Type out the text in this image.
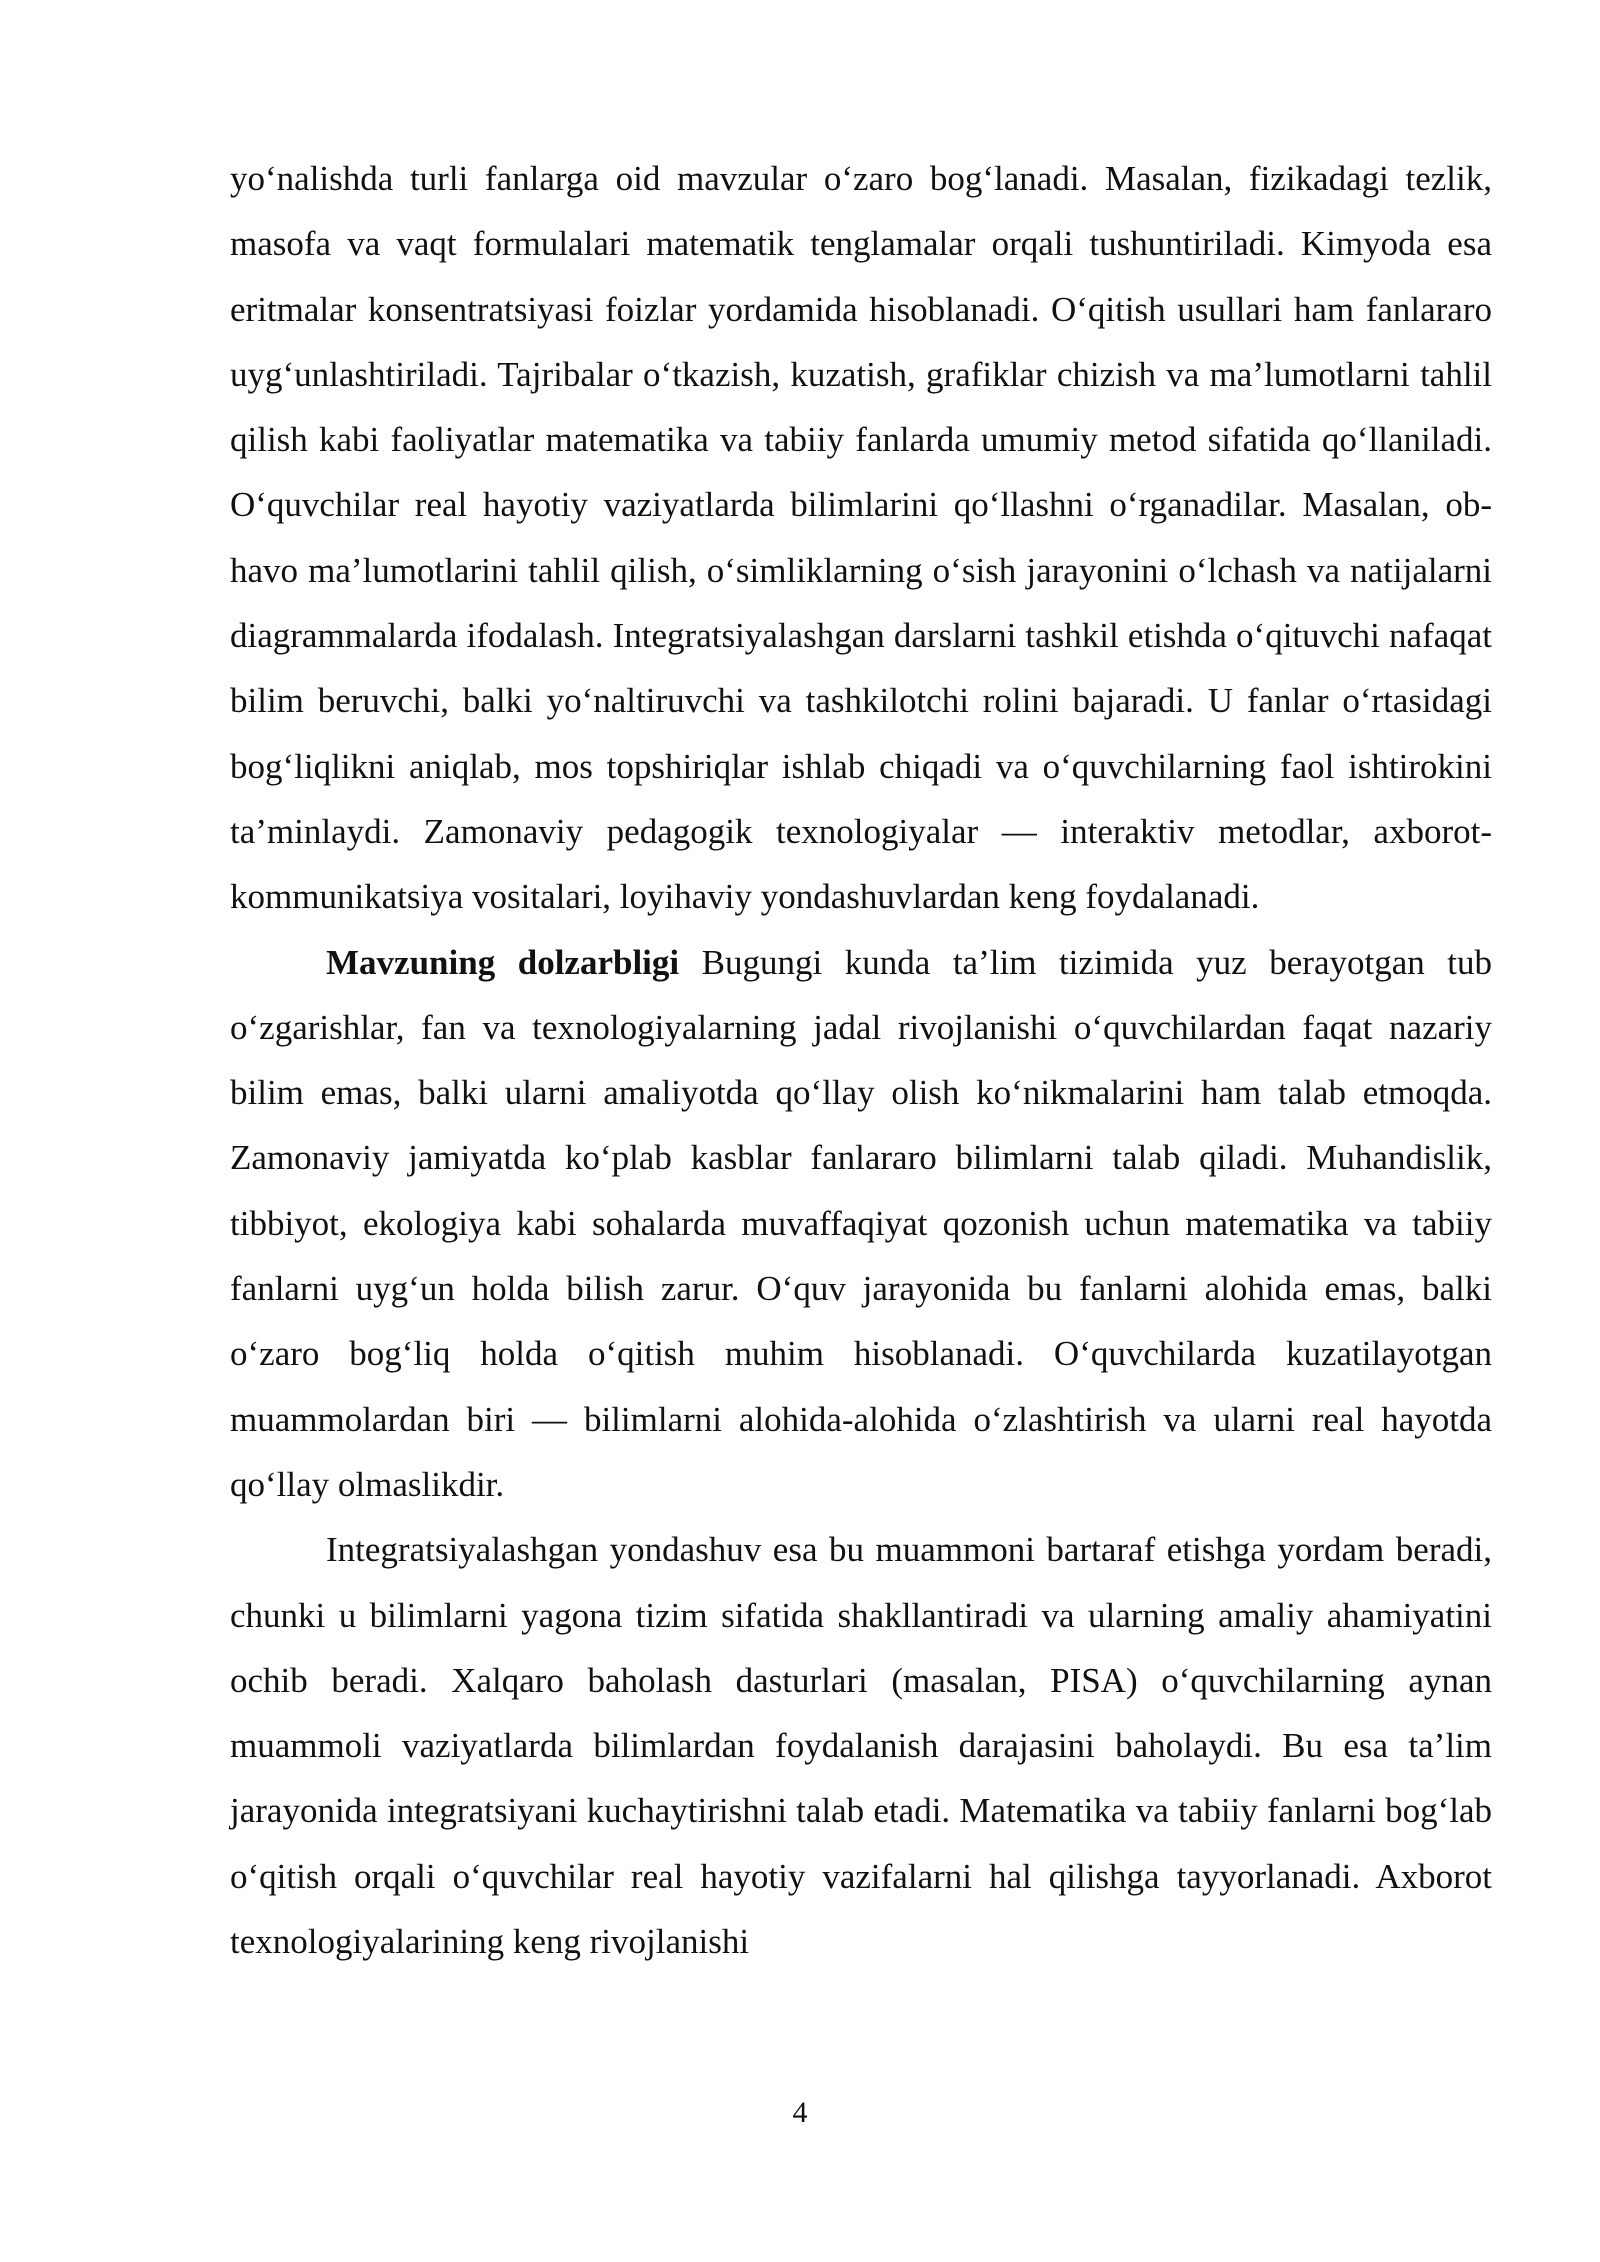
yo‘nalishda turli fanlarga oid mavzular o‘zaro bog‘lanadi. Masalan, fizikadagi tezlik, masofa va vaqt formulalari matematik tenglamalar orqali tushuntiriladi. Kimyoda esa eritmalar konsentratsiyasi foizlar yordamida hisoblanadi. O‘qitish usullari ham fanlararo uyg‘unlashtiriladi. Tajribalar o‘tkazish, kuzatish, grafiklar chizish va ma’lumotlarni tahlil qilish kabi faoliyatlar matematika va tabiiy fanlarda umumiy metod sifatida qo‘llaniladi. O‘quvchilar real hayotiy vaziyatlarda bilimlarini qo‘llashni o‘rganadilar. Masalan, ob-havo ma’lumotlarini tahlil qilish, o‘simliklarning o‘sish jarayonini o‘lchash va natijalarni diagrammalarda ifodalash. Integratsiyalashgan darslarni tashkil etishda o‘qituvchi nafaqat bilim beruvchi, balki yo‘naltiruvchi va tashkilotchi rolini bajaradi. U fanlar o‘rtasidagi bog‘liqlikni aniqlab, mos topshiriqlar ishlab chiqadi va o‘quvchilarning faol ishtirokini ta’minlaydi. Zamonaviy pedagogik texnologiyalar — interaktiv metodlar, axborot-kommunikatsiya vositalari, loyihaviy yondashuvlardan keng foydalanadi.

Mavzuning dolzarbligi Bugungi kunda ta’lim tizimida yuz berayotgan tub o‘zgarishlar, fan va texnologiyalarning jadal rivojlanishi o‘quvchilardan faqat nazariy bilim emas, balki ularni amaliyotda qo‘llay olish ko‘nikmalarini ham talab etmoqda. Zamonaviy jamiyatda ko‘plab kasblar fanlararo bilimlarni talab qiladi. Muhandislik, tibbiyot, ekologiya kabi sohalarda muvaffaqiyat qozonish uchun matematika va tabiiy fanlarni uyg‘un holda bilish zarur. O‘quv jarayonida bu fanlarni alohida emas, balki o‘zaro bog‘liq holda o‘qitish muhim hisoblanadi. O‘quvchilarda kuzatilayotgan muammolardan biri — bilimlarni alohida-alohida o‘zlashtirish va ularni real hayotda qo‘llay olmaslikdir.

Integratsiyalashgan yondashuv esa bu muammoni bartaraf etishga yordam beradi, chunki u bilimlarni yagona tizim sifatida shakllantiradi va ularning amaliy ahamiyatini ochib beradi. Xalqaro baholash dasturlari (masalan, PISA) o‘quvchilarning aynan muammoli vaziyatlarda bilimlardan foydalanish darajasini baholaydi. Bu esa ta’lim jarayonida integratsiyani kuchaytirishni talab etadi. Matematika va tabiiy fanlarni bog‘lab o‘qitish orqali o‘quvchilar real hayotiy vazifalarni hal qilishga tayyorlanadi. Axborot texnologiyalarining keng rivojlanishi

4
